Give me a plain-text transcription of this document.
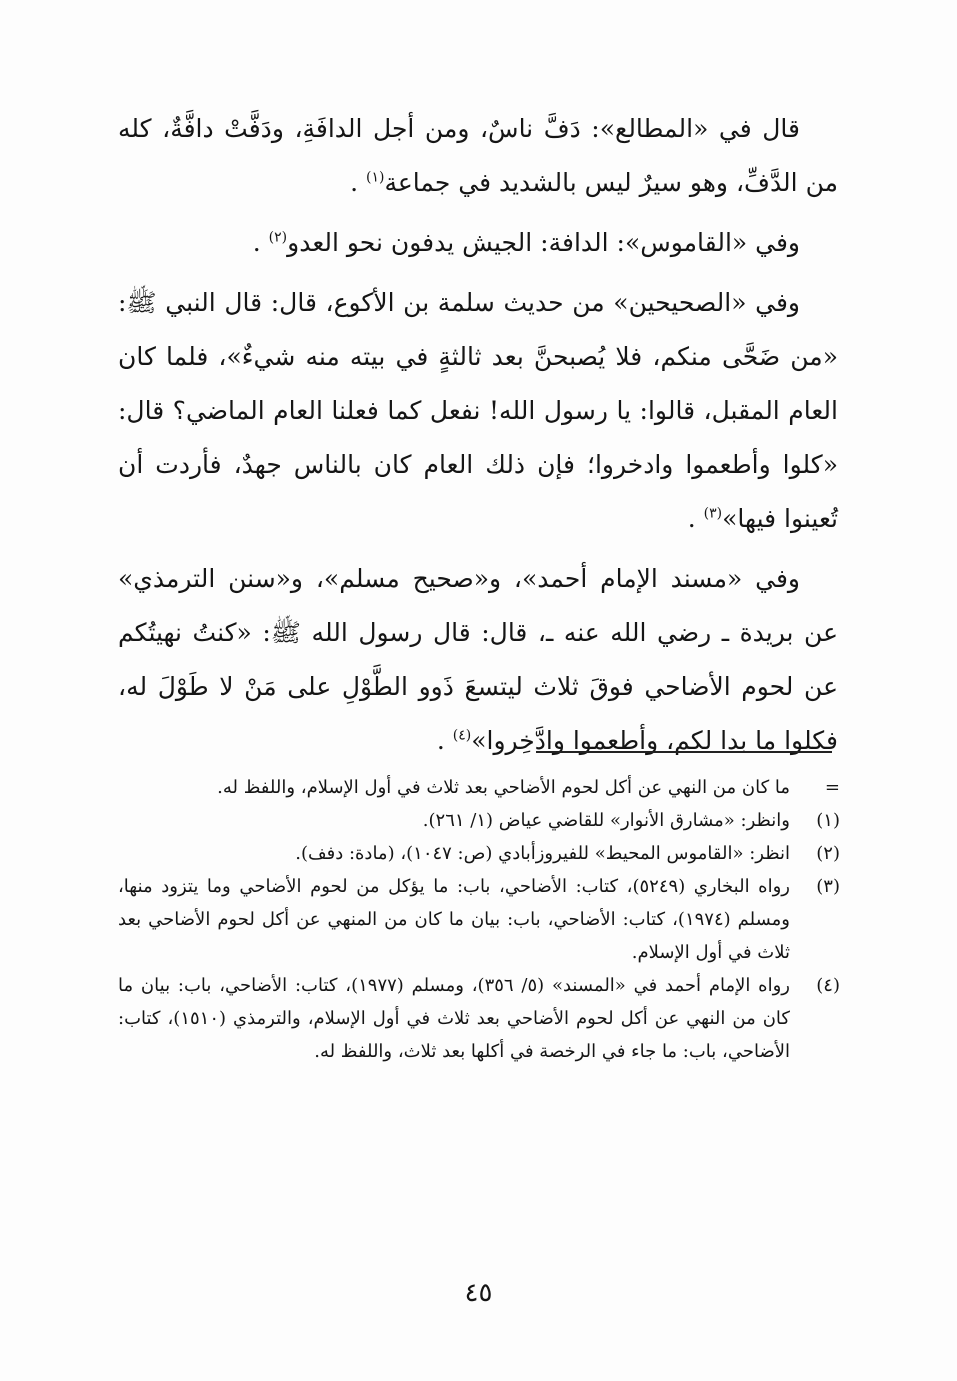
قال في «المطالع»: دَفَّ ناسٌ، ومن أجل الدافَةِ، ودَفَّتْ دافَّةٌ، كله من الدَّفِّ، وهو سيرٌ ليس بالشديد في جماعة$^{(١)}$ .

وفي «القاموس»: الدافة: الجيش يدفون نحو العدو$^{(٢)}$ .

وفي «الصحيحين» من حديث سلمة بن الأكوع، قال: قال النبي ﷺ: «من ضَحَّى منكم، فلا يُصبحنَّ بعد ثالثةٍ في بيته منه شيءٌ»، فلما كان العام المقبل، قالوا: يا رسول الله! نفعل كما فعلنا العام الماضي؟ قال: «كلوا وأطعموا وادخروا؛ فإن ذلك العام كان بالناس جهدٌ، فأردت أن تُعينوا فيها»$^{(٣)}$ .

وفي «مسند الإمام أحمد»، و«صحيح مسلم»، و«سنن الترمذي» عن بريدة ـ رضي الله عنه ـ، قال: قال رسول الله ﷺ: «كنتُ نهيتُكم عن لحوم الأضاحي فوقَ ثلاث ليتسعَ ذَوو الطَّوْلِ على مَنْ لا طَوْلَ له، فكلوا ما بدا لكم، وأطعموا وادَّخِروا»$^{(٤)}$ .

=
ما كان من النهي عن أكل لحوم الأضاحي بعد ثلاث في أول الإسلام، واللفظ له.
(١)
وانظر: «مشارق الأنوار» للقاضي عياض (١/ ٢٦١).
(٢)
انظر: «القاموس المحيط» للفيروزأبادي (ص: ١٠٤٧)، (مادة: دفف).
(٣)
رواه البخاري (٥٢٤٩)، كتاب: الأضاحي، باب: ما يؤكل من لحوم الأضاحي وما يتزود منها، ومسلم (١٩٧٤)، كتاب: الأضاحي، باب: بيان ما كان من المنهي عن أكل لحوم الأضاحي بعد ثلاث في أول الإسلام.
(٤)
رواه الإمام أحمد في «المسند» (٥/ ٣٥٦)، ومسلم (١٩٧٧)، كتاب: الأضاحي، باب: بيان ما كان من النهي عن أكل لحوم الأضاحي بعد ثلاث في أول الإسلام، والترمذي (١٥١٠)، كتاب: الأضاحي، باب: ما جاء في الرخصة في أكلها بعد ثلاث، واللفظ له.
٤٥
